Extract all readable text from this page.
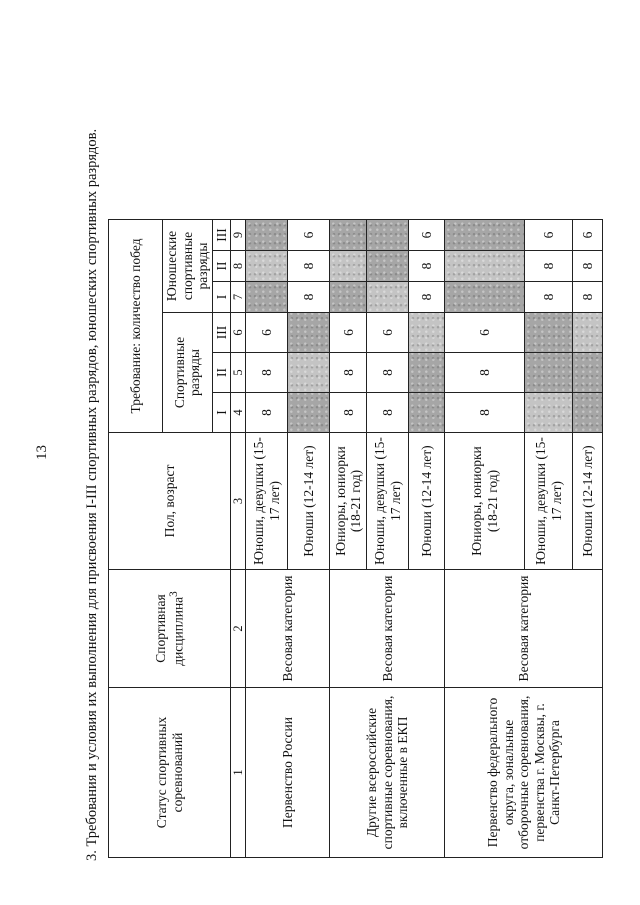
13 3. Требования и условия их выполнения для присвоения I-III спортивных разрядов, юношеских спортивных разрядов.	Статус спортивных соревнований	Спортивная дисциплина$^3$	Пол, возраст	Требование: количество побед					
			Спортивные разряды			Юношеские спортивные разряды		
			I	II	III	I	II	III
1	2	3	4	5	6	7	8	9
Первенство России	Весовая категория	Юноши, девушки (15-17 лет)	8	8	6			
		Юноши (12-14 лет)				8	8	6
Другие всероссийские спортивные соревнования, включенные в ЕКП	Весовая категория	Юниоры, юниорки (18-21 год)	8	8	6			
		Юноши, девушки (15-17 лет)	8	8	6			
		Юноши (12-14 лет)				8	8	6
Первенство федерального округа, зональные отборочные соревнования, первенства г. Москвы, г. Санкт-Петербурга	Весовая категория	Юниоры, юниорки (18-21 год)	8	8	6			
		Юноши, девушки (15-17 лет)				8	8	6
		Юноши (12-14 лет)				8	8	6
